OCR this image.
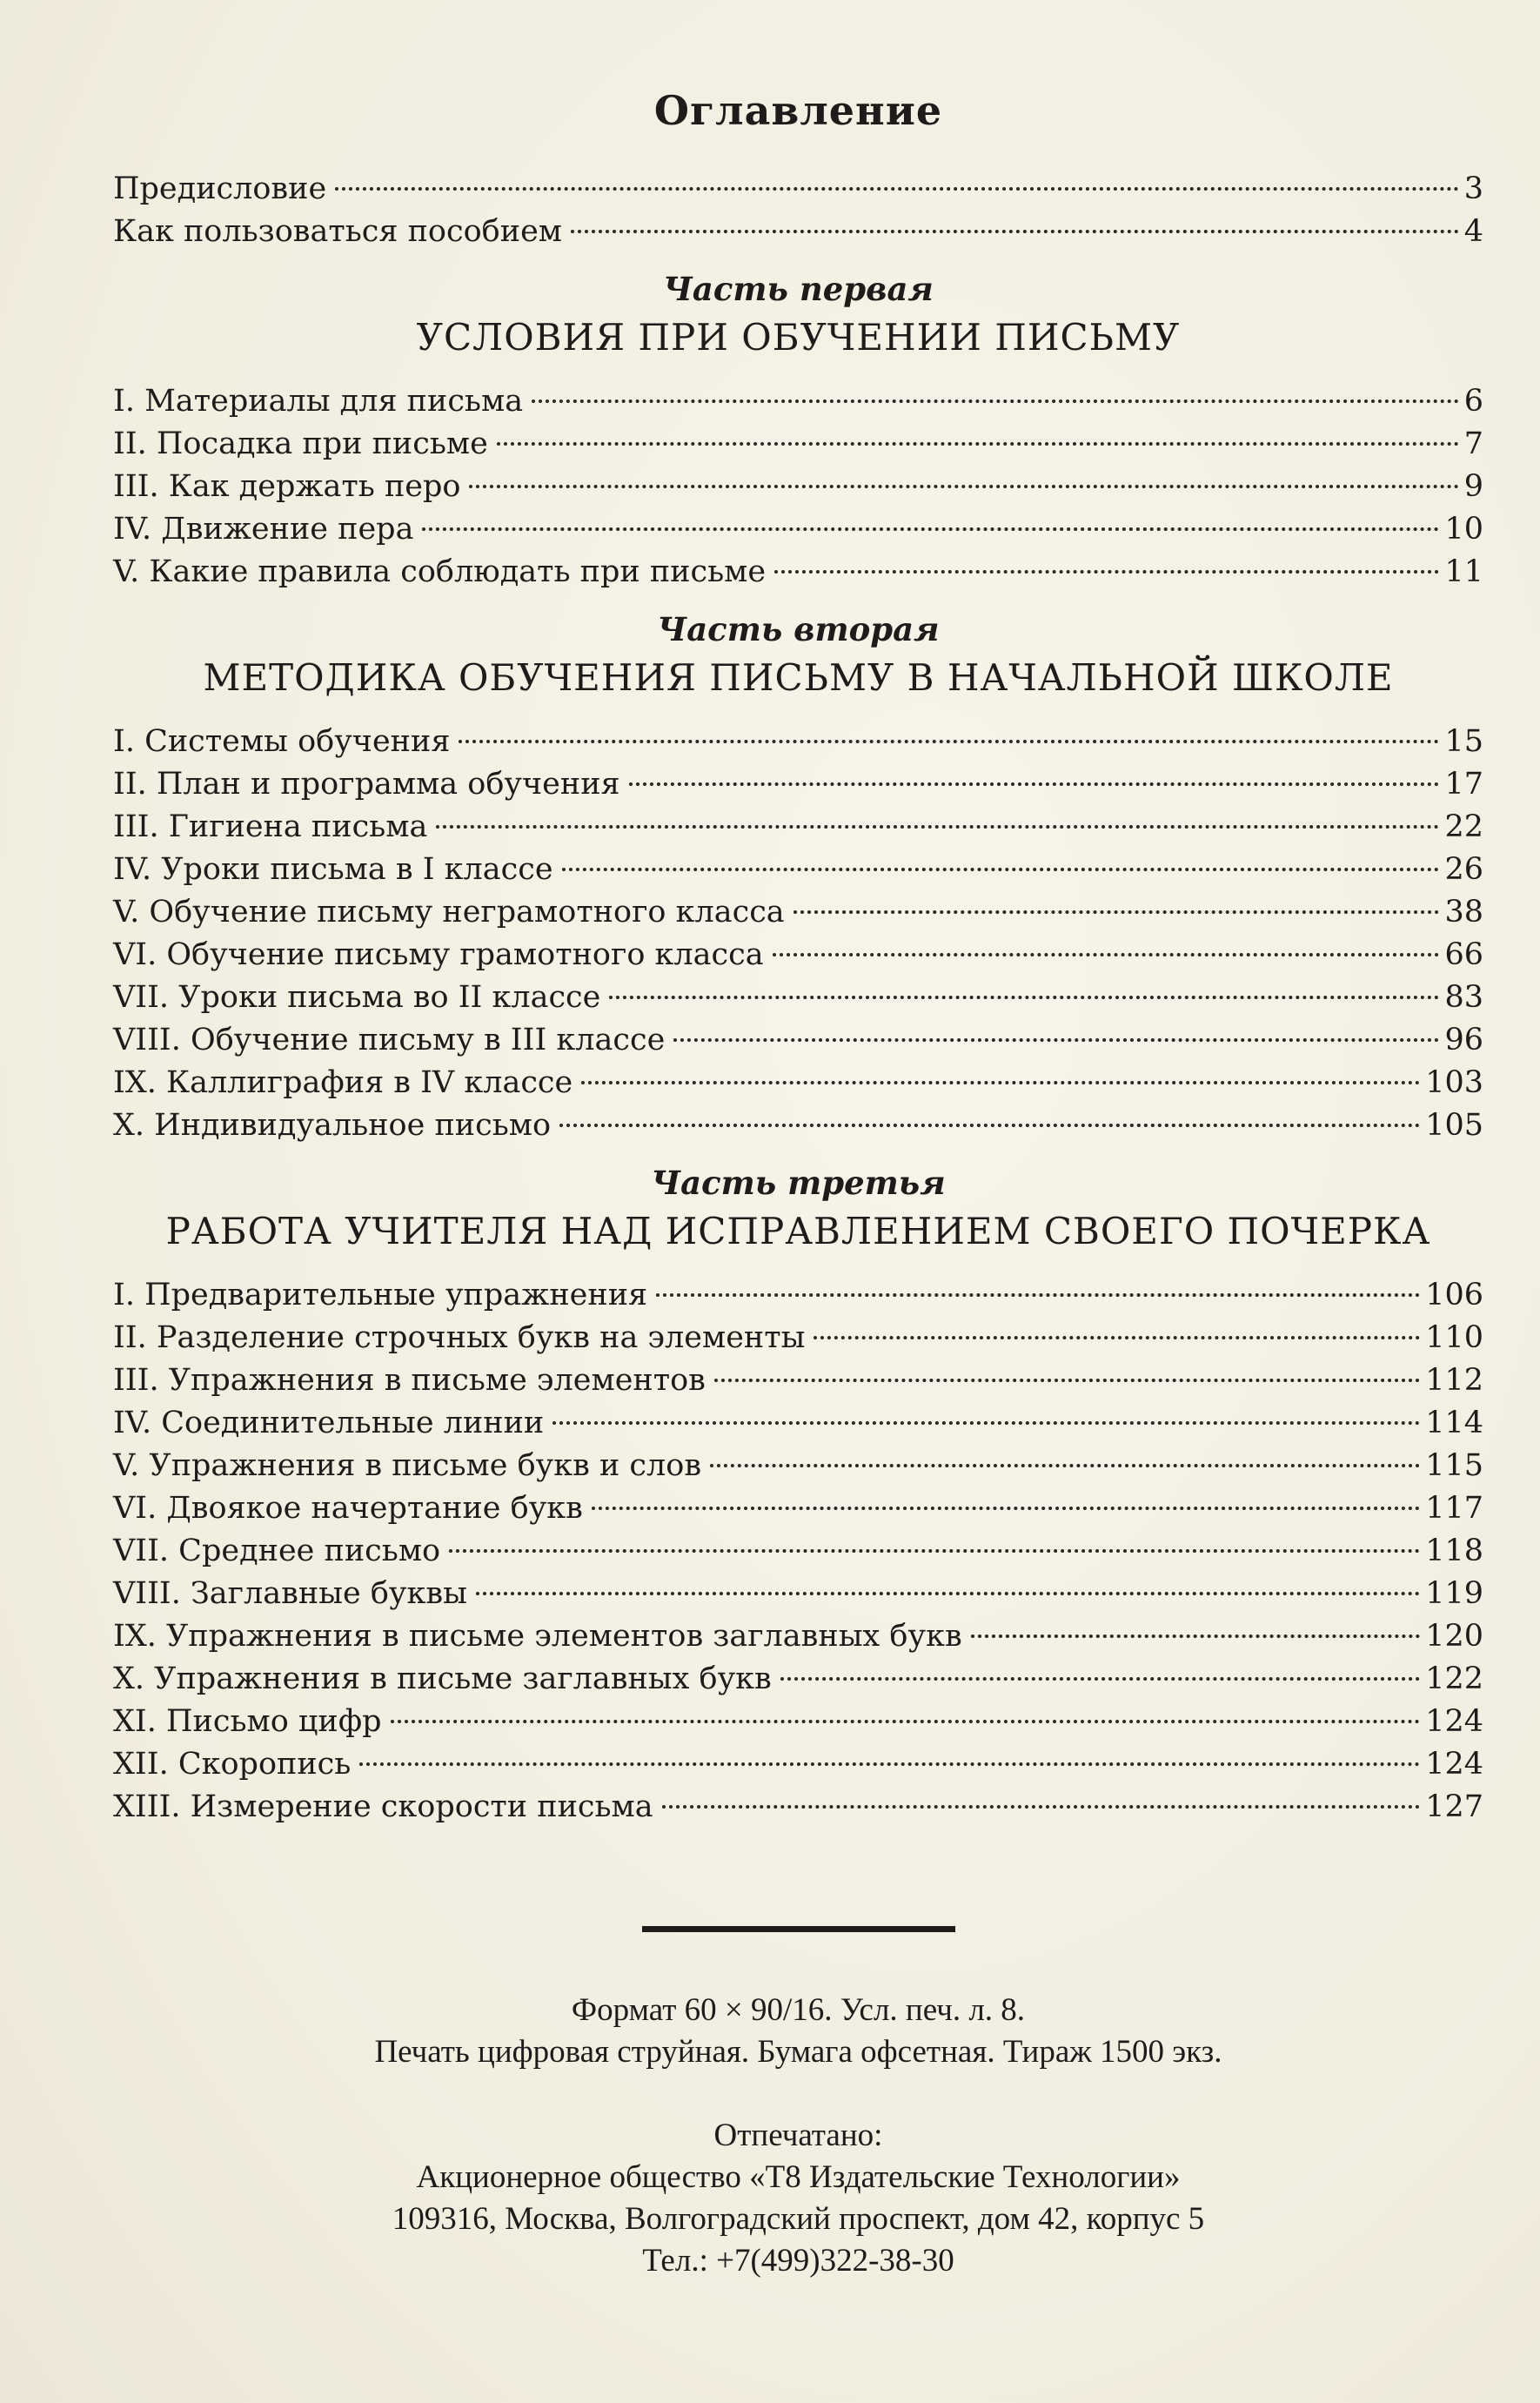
Оглавление
Предисловие	3
Как пользоваться пособием	4
Часть первая
УСЛОВИЯ ПРИ ОБУЧЕНИИ ПИСЬМУ
I. Материалы для письма	6
II. Посадка при письме	7
III. Как держать перо	9
IV. Движение пера	10
V. Какие правила соблюдать при письме	11
Часть вторая
МЕТОДИКА ОБУЧЕНИЯ ПИСЬМУ В НАЧАЛЬНОЙ ШКОЛЕ
I. Системы обучения	15
II. План и программа обучения	17
III. Гигиена письма	22
IV. Уроки письма в I классе	26
V. Обучение письму неграмотного класса	38
VI. Обучение письму грамотного класса	66
VII. Уроки письма во II классе	83
VIII. Обучение письму в III классе	96
IX. Каллиграфия в IV классе	103
X. Индивидуальное письмо	105
Часть третья
РАБОТА УЧИТЕЛЯ НАД ИСПРАВЛЕНИЕМ СВОЕГО ПОЧЕРКА
I. Предварительные упражнения	106
II. Разделение строчных букв на элементы	110
III. Упражнения в письме элементов	112
IV. Соединительные линии	114
V. Упражнения в письме букв и слов	115
VI. Двоякое начертание букв	117
VII. Среднее письмо	118
VIII. Заглавные буквы	119
IX. Упражнения в письме элементов заглавных букв	120
X. Упражнения в письме заглавных букв	122
XI. Письмо цифр	124
XII. Скоропись	124
XIII. Измерение скорости письма	127

Формат 60 × 90/16. Усл. печ. л. 8.

Печать цифровая струйная. Бумага офсетная. Тираж 1500 экз.

Отпечатано:

Акционерное общество «Т8 Издательские Технологии»

109316, Москва, Волгоградский проспект, дом 42, корпус 5

Тел.: +7(499)322-38-30
